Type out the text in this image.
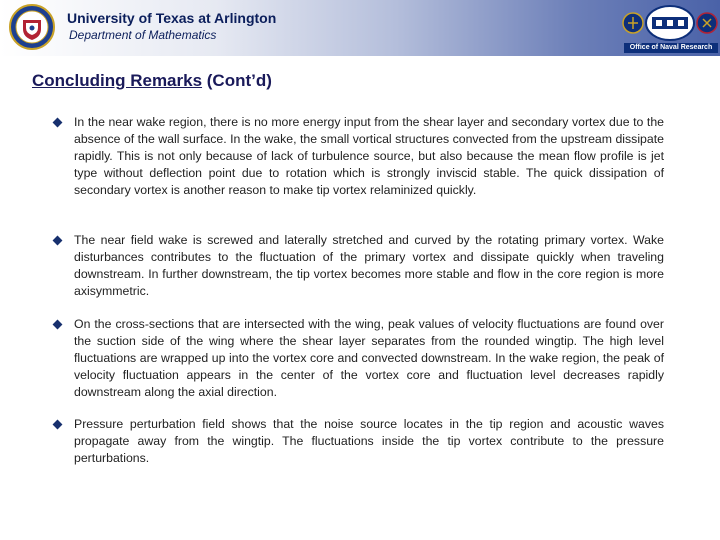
University of Texas at Arlington
Department of Mathematics
Office of Naval Research
Concluding Remarks (Cont’d)
In the near wake region, there is no more energy input from the shear layer and secondary vortex due to the absence of the wall surface. In the wake, the small vortical structures convected from the upstream dissipate rapidly. This is not only because of lack of turbulence source, but also because the mean flow profile is jet type without deflection point due to rotation which is strongly inviscid stable. The quick dissipation of secondary vortex is another reason to make tip vortex relaminized quickly.
The near field wake is screwed and laterally stretched and curved by the rotating primary vortex. Wake disturbances contributes to the fluctuation of the primary vortex and dissipate quickly when traveling downstream. In further downstream, the tip vortex becomes more stable and flow in the core region is more axisymmetric.
On the cross-sections that are intersected with the wing, peak values of velocity fluctuations are found over the suction side of the wing where the shear layer separates from the rounded wingtip. The high level fluctuations are wrapped up into the vortex core and convected downstream. In the wake region, the peak of velocity fluctuation appears in the center of the vortex core and fluctuation level decreases rapidly downstream along the axial direction.
Pressure perturbation field shows that the noise source locates in the tip region and acoustic waves propagate away from the wingtip. The fluctuations inside the tip vortex contribute to the pressure perturbations.
